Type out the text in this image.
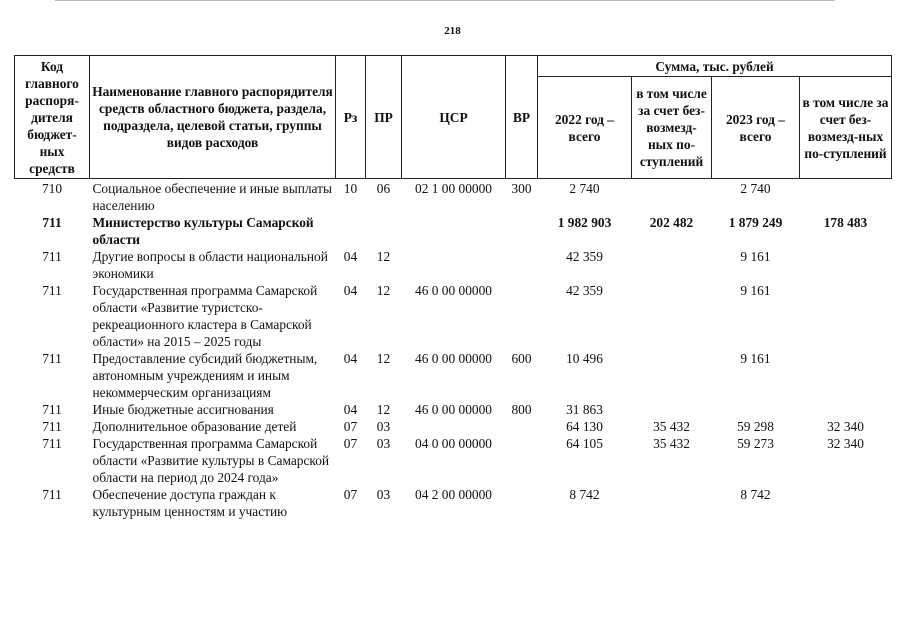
218
Код главного распоря-дителя бюджет-ных средств	Наименование главного распорядителя средств областного бюджета, раздела, подраздела, целевой статьи, группы видов расходов	Рз	ПР	ЦСР	ВР	Сумма, тыс. рублей			
						2022 год – всего	в том числе за счет без-возмезд-ных по-ступлений	2023 год – всего	в том числе за счет без-возмезд-ных по-ступлений
710	Социальное обеспечение и иные выплаты населению	10	06	02 1 00 00000	300	2 740		2 740	
711	Министерство культуры Самарской области					1 982 903	202 482	1 879 249	178 483
711	Другие вопросы в области национальной экономики	04	12			42 359		9 161	
711	Государственная программа Самарской области «Развитие туристско-рекреационного кластера в Самарской области» на 2015 – 2025 годы	04	12	46 0 00 00000		42 359		9 161	
711	Предоставление субсидий бюджетным, автономным учреждениям и иным некоммерческим организациям	04	12	46 0 00 00000	600	10 496		9 161	
711	Иные бюджетные ассигнования	04	12	46 0 00 00000	800	31 863			
711	Дополнительное образование детей	07	03			64 130	35 432	59 298	32 340
711	Государственная программа Самарской области «Развитие культуры в Самарской области на период до 2024 года»	07	03	04 0 00 00000		64 105	35 432	59 273	32 340
711	Обеспечение доступа граждан к культурным ценностям и участию	07	03	04 2 00 00000		8 742		8 742	
